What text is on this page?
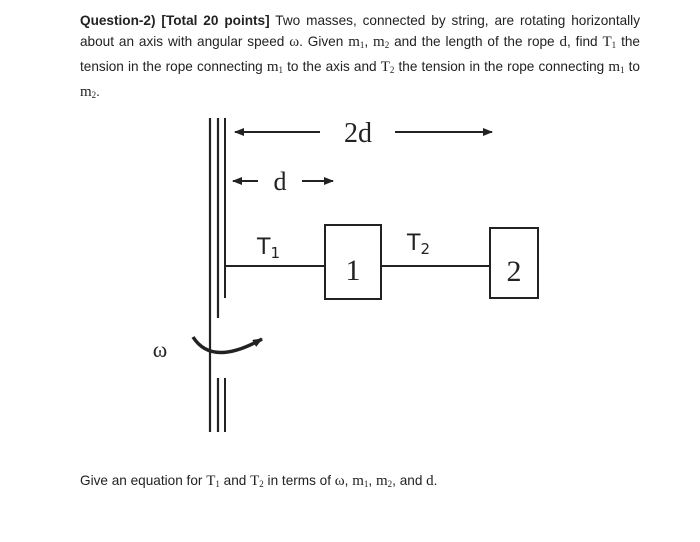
Question-2) [Total 20 points] Two masses, connected by string, are rotating horizontally about an axis with angular speed ω. Given $m_1$, $m_2$ and the length of the rope d, find $T_1$ the tension in the rope connecting $m_1$ to the axis and $T_2$ the tension in the rope connecting $m_1$ to $m_2$.
2d
d
1	2
T1	T2
ω
Give an equation for $T_1$ and $T_2$ in terms of ω, $m_1$, $m_2$, and d.
